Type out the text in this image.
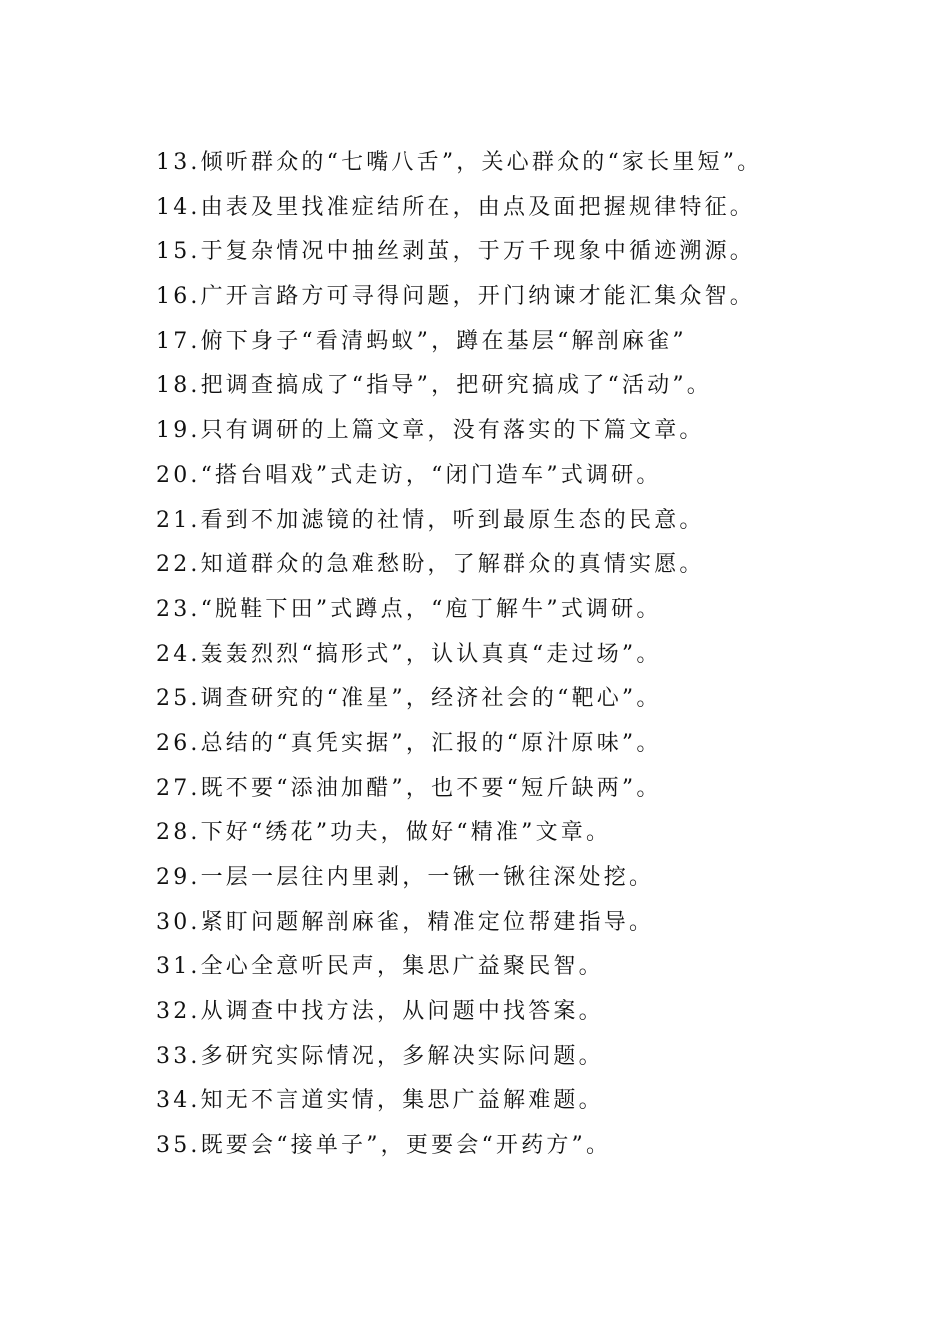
13.倾听群众的“七嘴八舌”，关心群众的“家长里短”。
14.由表及里找准症结所在，由点及面把握规律特征。
15.于复杂情况中抽丝剥茧，于万千现象中循迹溯源。
16.广开言路方可寻得问题，开门纳谏才能汇集众智。
17.俯下身子“看清蚂蚁”，蹲在基层“解剖麻雀”
18.把调查搞成了“指导”，把研究搞成了“活动”。
19.只有调研的上篇文章，没有落实的下篇文章。
20.“搭台唱戏”式走访，“闭门造车”式调研。
21.看到不加滤镜的社情，听到最原生态的民意。
22.知道群众的急难愁盼，了解群众的真情实愿。
23.“脱鞋下田”式蹲点，“庖丁解牛”式调研。
24.轰轰烈烈“搞形式”，认认真真“走过场”。
25.调查研究的“准星”，经济社会的“靶心”。
26.总结的“真凭实据”，汇报的“原汁原味”。
27.既不要“添油加醋”，也不要“短斤缺两”。
28.下好“绣花”功夫，做好“精准”文章。
29.一层一层往内里剥，一锹一锹往深处挖。
30.紧盯问题解剖麻雀，精准定位帮建指导。
31.全心全意听民声，集思广益聚民智。
32.从调查中找方法，从问题中找答案。
33.多研究实际情况，多解决实际问题。
34.知无不言道实情，集思广益解难题。
35.既要会“接单子”，更要会“开药方”。
